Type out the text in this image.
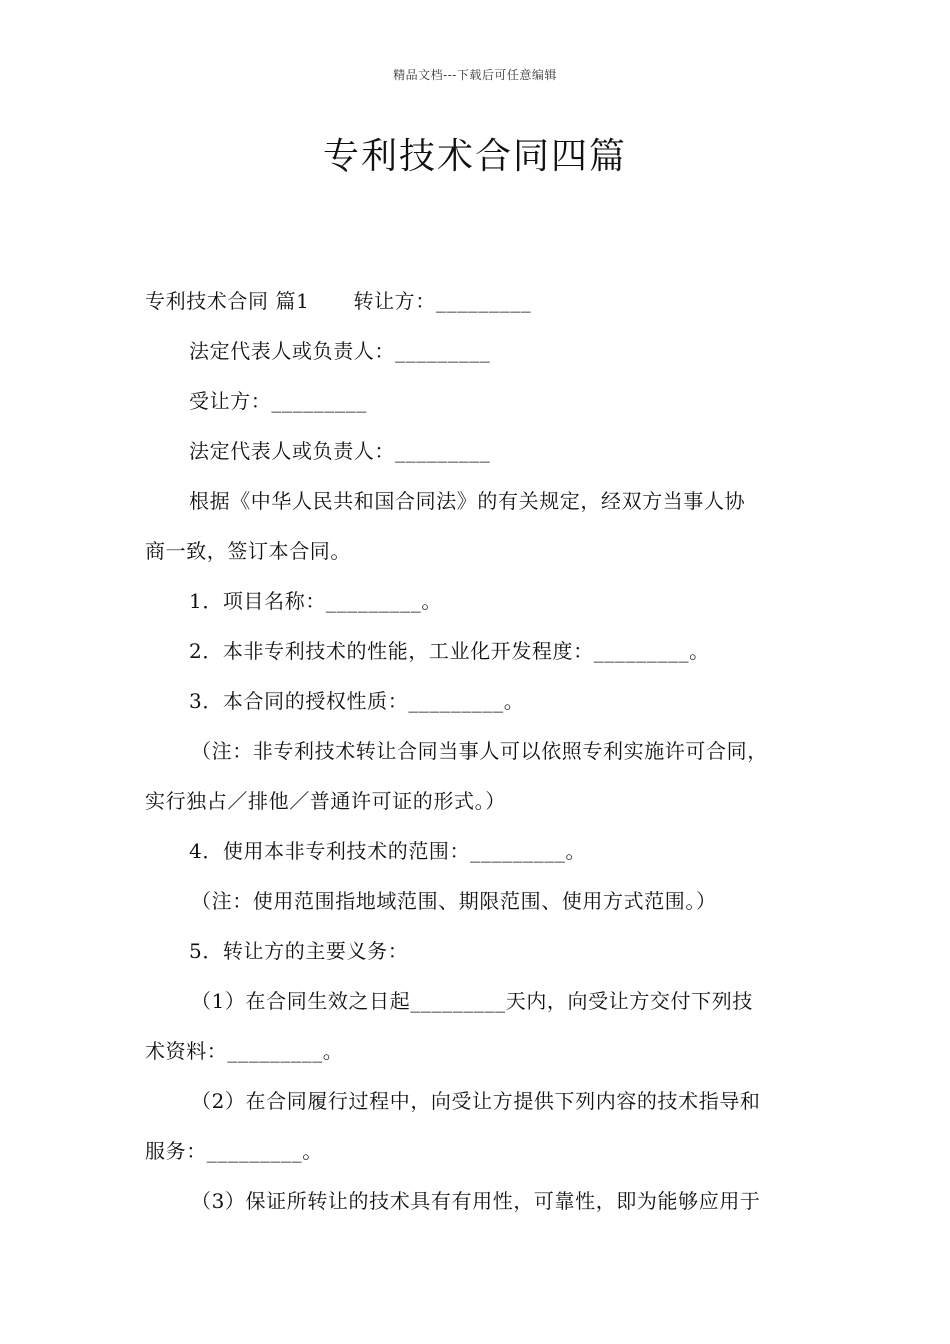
精品文档---下载后可任意编辑
专利技术合同四篇
专利技术合同 篇1 转让方：_________
法定代表人或负责人：_________
受让方：_________
法定代表人或负责人：_________
根据《中华人民共和国合同法》的有关规定，经双方当事人协
商一致，签订本合同。
1．项目名称：_________。
2．本非专利技术的性能，工业化开发程度：_________。
3．本合同的授权性质：_________。
（注：非专利技术转让合同当事人可以依照专利实施许可合同，
实行独占／排他／普通许可证的形式。）
4．使用本非专利技术的范围：_________。
（注：使用范围指地域范围、期限范围、使用方式范围。）
5．转让方的主要义务：
（1）在合同生效之日起_________天内，向受让方交付下列技
术资料：_________。
（2）在合同履行过程中，向受让方提供下列内容的技术指导和
服务：_________。
（3）保证所转让的技术具有有用性，可靠性，即为能够应用于
